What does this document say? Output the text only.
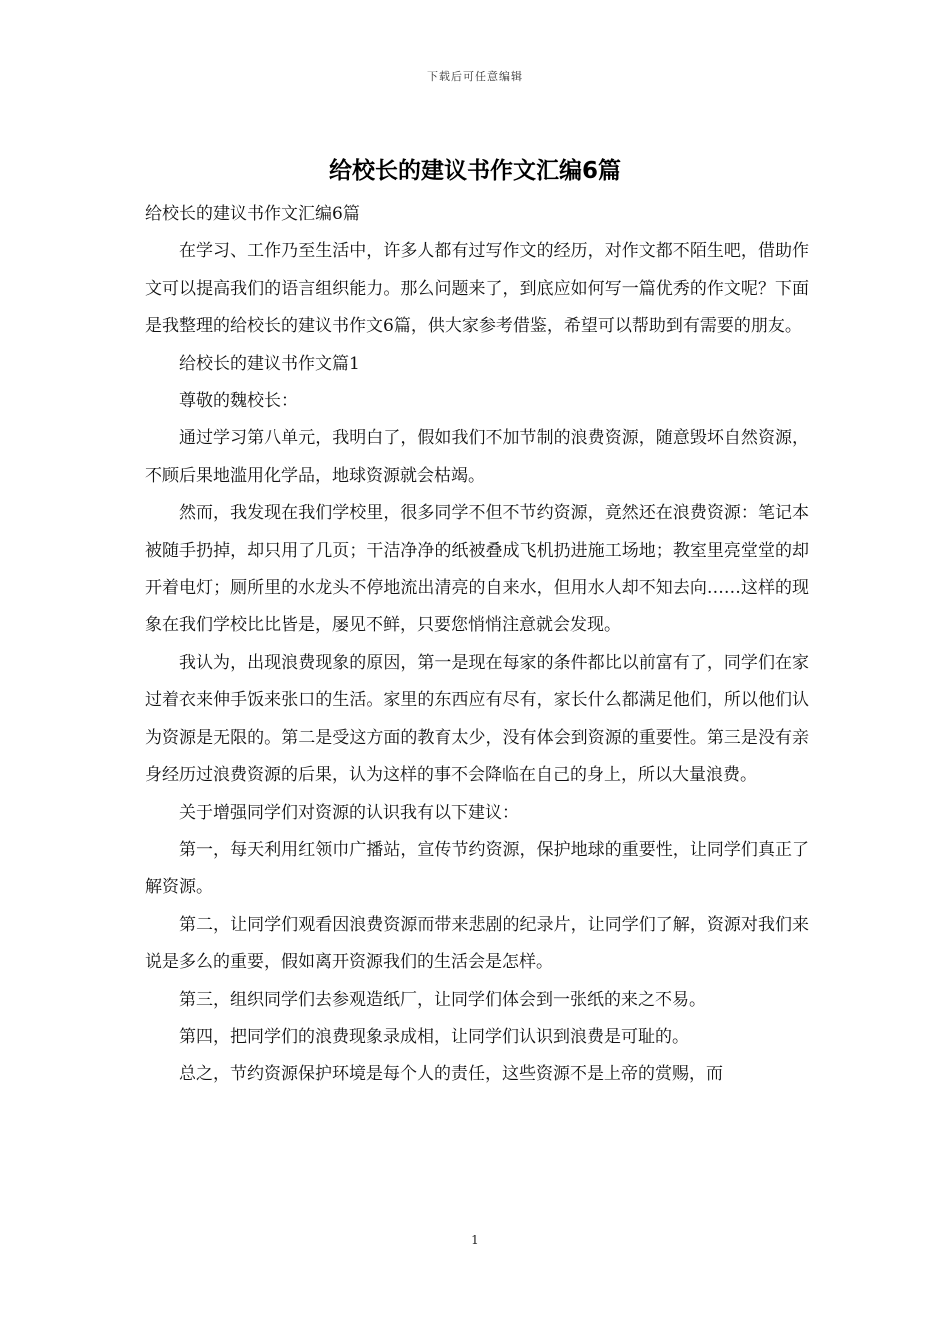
下载后可任意编辑
给校长的建议书作文汇编6篇

给校长的建议书作文汇编6篇

在学习、工作乃至生活中，许多人都有过写作文的经历，对作文都不陌生吧，借助作文可以提高我们的语言组织能力。那么问题来了，到底应如何写一篇优秀的作文呢？下面是我整理的给校长的建议书作文6篇，供大家参考借鉴，希望可以帮助到有需要的朋友。

给校长的建议书作文篇1

尊敬的魏校长：

通过学习第八单元，我明白了，假如我们不加节制的浪费资源，随意毁坏自然资源，不顾后果地滥用化学品，地球资源就会枯竭。

然而，我发现在我们学校里，很多同学不但不节约资源，竟然还在浪费资源：笔记本被随手扔掉，却只用了几页；干洁净净的纸被叠成飞机扔进施工场地；教室里亮堂堂的却开着电灯；厕所里的水龙头不停地流出清亮的自来水，但用水人却不知去向……这样的现象在我们学校比比皆是，屡见不鲜，只要您悄悄注意就会发现。

我认为，出现浪费现象的原因，第一是现在每家的条件都比以前富有了，同学们在家过着衣来伸手饭来张口的生活。家里的东西应有尽有，家长什么都满足他们，所以他们认为资源是无限的。第二是受这方面的教育太少，没有体会到资源的重要性。第三是没有亲身经历过浪费资源的后果，认为这样的事不会降临在自己的身上，所以大量浪费。

关于增强同学们对资源的认识我有以下建议：

第一，每天利用红领巾广播站，宣传节约资源，保护地球的重要性，让同学们真正了解资源。

第二，让同学们观看因浪费资源而带来悲剧的纪录片，让同学们了解，资源对我们来说是多么的重要，假如离开资源我们的生活会是怎样。

第三，组织同学们去参观造纸厂，让同学们体会到一张纸的来之不易。

第四，把同学们的浪费现象录成相，让同学们认识到浪费是可耻的。

总之，节约资源保护环境是每个人的责任，这些资源不是上帝的赏赐，而

1
